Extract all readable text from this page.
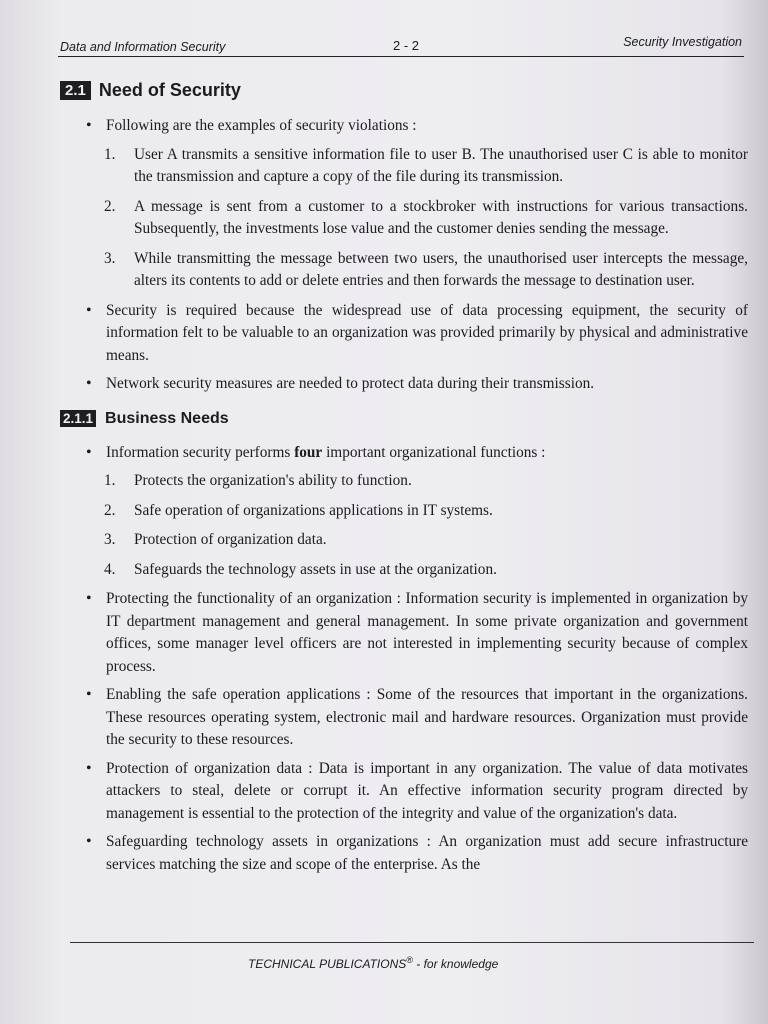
Data and Information Security	2 - 2	Security Investigation
2.1 Need of Security
• Following are the examples of security violations :
1. User A transmits a sensitive information file to user B. The unauthorised user C is able to monitor the transmission and capture a copy of the file during its transmission.
2. A message is sent from a customer to a stockbroker with instructions for various transactions. Subsequently, the investments lose value and the customer denies sending the message.
3. While transmitting the message between two users, the unauthorised user intercepts the message, alters its contents to add or delete entries and then forwards the message to destination user.
• Security is required because the widespread use of data processing equipment, the security of information felt to be valuable to an organization was provided primarily by physical and administrative means.
• Network security measures are needed to protect data during their transmission.
2.1.1 Business Needs
• Information security performs four important organizational functions :
1. Protects the organization's ability to function.
2. Safe operation of organizations applications in IT systems.
3. Protection of organization data.
4. Safeguards the technology assets in use at the organization.
• Protecting the functionality of an organization : Information security is implemented in organization by IT department management and general management. In some private organization and government offices, some manager level officers are not interested in implementing security because of complex process.
• Enabling the safe operation applications : Some of the resources that important in the organizations. These resources operating system, electronic mail and hardware resources. Organization must provide the security to these resources.
• Protection of organization data : Data is important in any organization. The value of data motivates attackers to steal, delete or corrupt it. An effective information security program directed by management is essential to the protection of the integrity and value of the organization's data.
• Safeguarding technology assets in organizations : An organization must add secure infrastructure services matching the size and scope of the enterprise. As the
TECHNICAL PUBLICATIONS® - for knowledge
